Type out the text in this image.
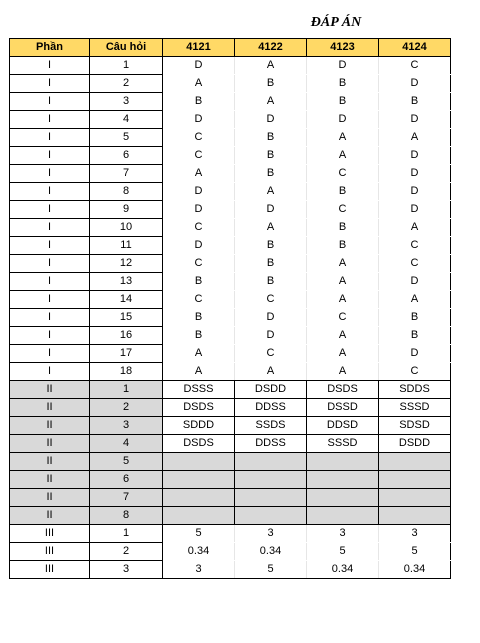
ĐÁP ÁN
Phần	Câu hỏi	4121	4122	4123	4124
I	1	D	A	D	C
I	2	A	B	B	D
I	3	B	A	B	B
I	4	D	D	D	D
I	5	C	B	A	A
I	6	C	B	A	D
I	7	A	B	C	D
I	8	D	A	B	D
I	9	D	D	C	D
I	10	C	A	B	A
I	11	D	B	B	C
I	12	C	B	A	C
I	13	B	B	A	D
I	14	C	C	A	A
I	15	B	D	C	B
I	16	B	D	A	B
I	17	A	C	A	D
I	18	A	A	A	C
II	1	DSSS	DSDD	DSDS	SDDS
II	2	DSDS	DDSS	DSSD	SSSD
II	3	SDDD	SSDS	DDSD	SDSD
II	4	DSDS	DDSS	SSSD	DSDD
II	5				
II	6				
II	7				
II	8				
III	1	5	3	3	3
III	2	0.34	0.34	5	5
III	3	3	5	0.34	0.34
